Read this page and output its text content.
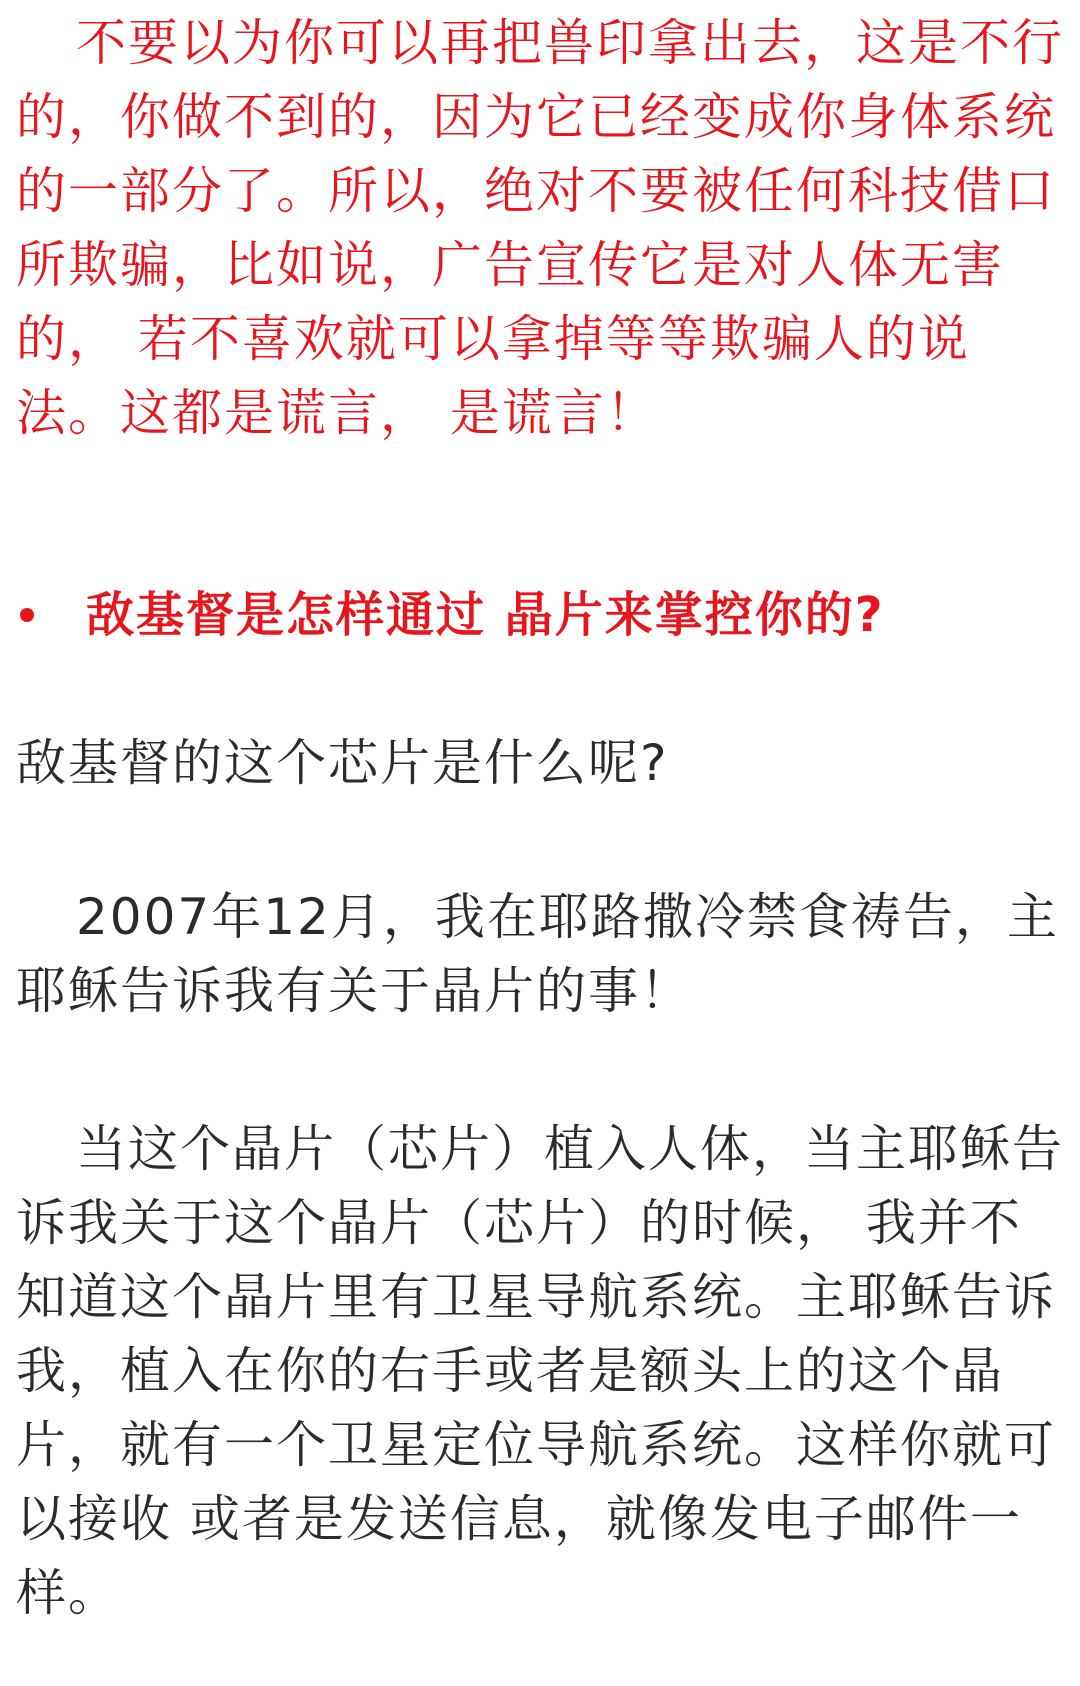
不要以为你可以再把兽印拿出去，这是不行的，你做不到的，因为它已经变成你身体系统的一部分了。所以，绝对不要被任何科技借口所欺骗，比如说，广告宣传它是对人体无害的， 若不喜欢就可以拿掉等等欺骗人的说法。这都是谎言， 是谎言！

敌基督是怎样通过 晶片来掌控你的?

敌基督的这个芯片是什么呢?

2007年12月，我在耶路撒冷禁食祷告，主耶稣告诉我有关于晶片的事！

当这个晶片（芯片）植入人体，当主耶稣告诉我关于这个晶片（芯片）的时候， 我并不知道这个晶片里有卫星导航系统。主耶稣告诉我，植入在你的右手或者是额头上的这个晶片，就有一个卫星定位导航系统。这样你就可以接收 或者是发送信息，就像发电子邮件一样。
